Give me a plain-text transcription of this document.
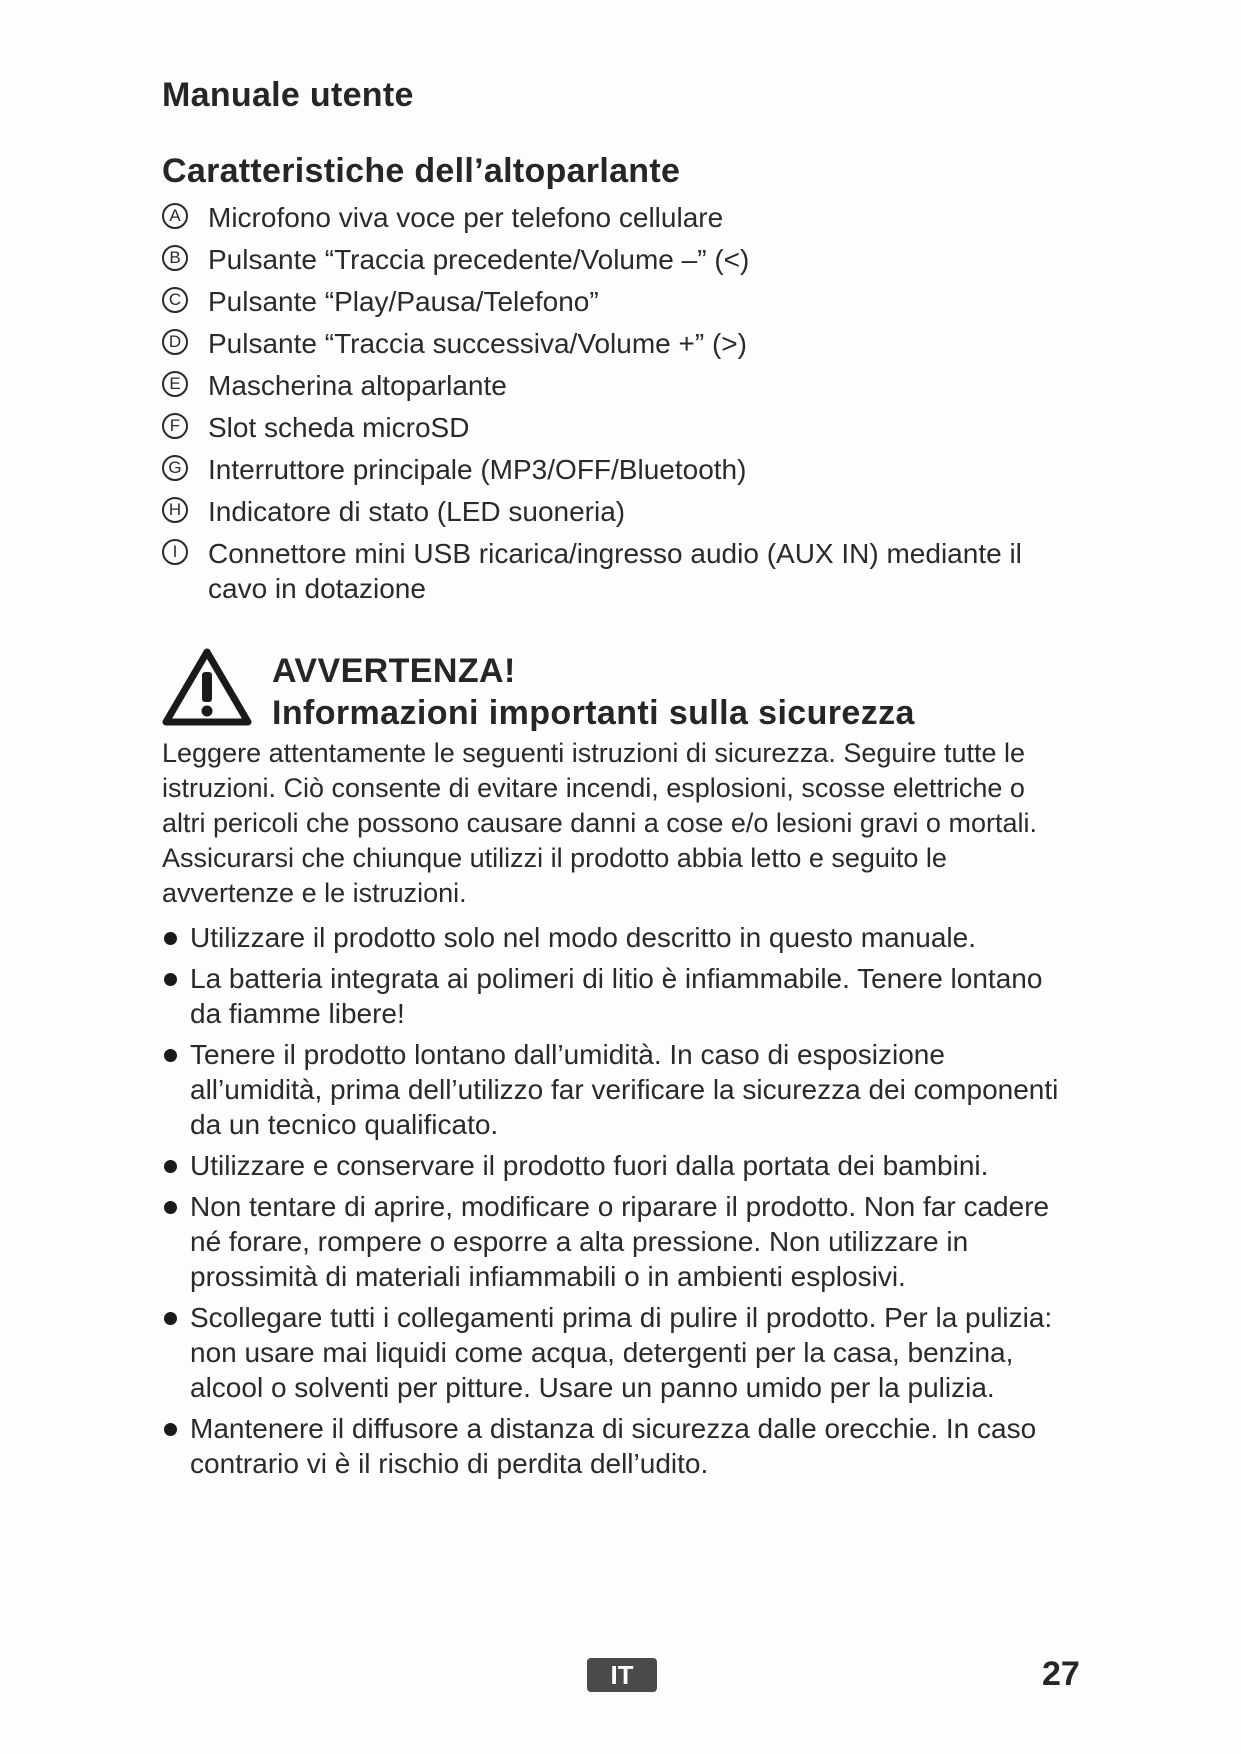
Manuale utente
Caratteristiche dell’altoparlante
A Microfono viva voce per telefono cellulare
B Pulsante “Traccia precedente/Volume –” (<)
C Pulsante “Play/Pausa/Telefono”
D Pulsante “Traccia successiva/Volume +” (>)
E Mascherina altoparlante
F Slot scheda microSD
G Interruttore principale (MP3/OFF/Bluetooth)
H Indicatore di stato (LED suoneria)
I	Connettore mini USB ricarica/ingresso audio (AUX IN) mediante il cavo in dotazione
AVVERTENZA!
Informazioni importanti sulla sicurezza

Leggere attentamente le seguenti istruzioni di sicurezza. Seguire tutte le istruzioni. Ciò consente di evitare incendi, esplosioni, scosse elettriche o altri pericoli che possono causare danni a cose e/o lesioni gravi o mortali. Assicurarsi che chiunque utilizzi il prodotto abbia letto e seguito le avvertenze e le istruzioni.

Utilizzare il prodotto solo nel modo descritto in questo manuale.
La batteria integrata ai polimeri di litio è infiammabile. Tenere lontano da fiamme libere!
Tenere il prodotto lontano dall’umidità. In caso di esposizione all’umidità, prima dell’utilizzo far verificare la sicurezza dei componenti da un tecnico qualificato.
Utilizzare e conservare il prodotto fuori dalla portata dei bambini.
Non tentare di aprire, modificare o riparare il prodotto. Non far cadere né forare, rompere o esporre a alta pressione. Non utilizzare in prossimità di materiali infiammabili o in ambienti esplosivi.
Scollegare tutti i collegamenti prima di pulire il prodotto. Per la pulizia: non usare mai liquidi come acqua, detergenti per la casa, benzina, alcool o solventi per pitture. Usare un panno umido per la pulizia.
Mantenere il diffusore a distanza di sicurezza dalle orecchie. In caso contrario vi è il rischio di perdita dell’udito.
IT	27
